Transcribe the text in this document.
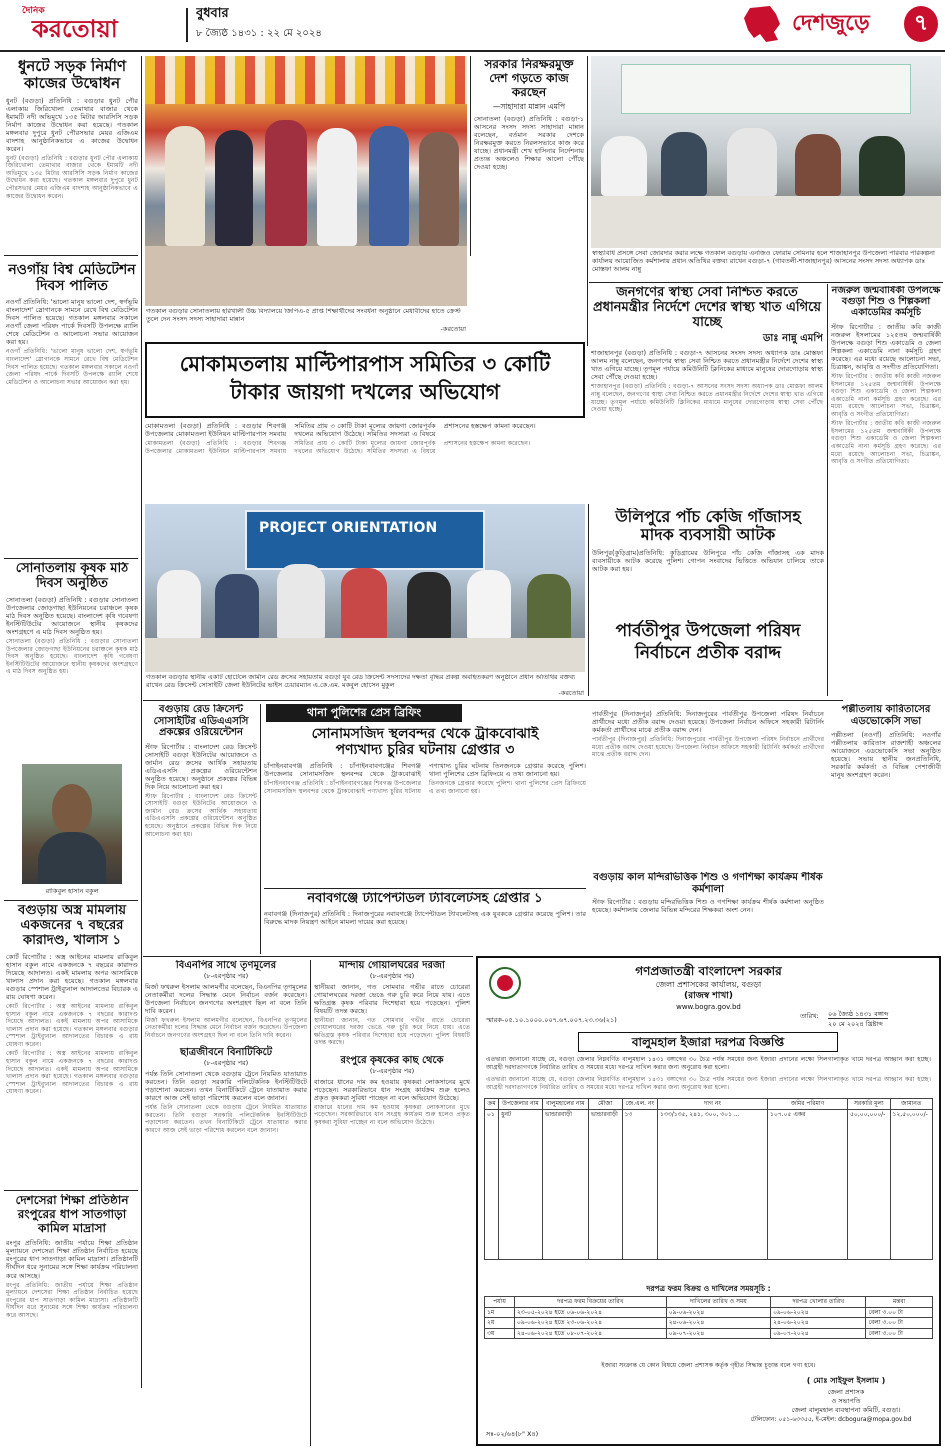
দৈনিক
করতোয়া
বুধবার
৮ জ্যৈষ্ঠ ১৪৩১ : ২২ মে ২০২৪	দেশজুড়ে	৭
ধুনটে সড়ক নির্মাণ কাজের উদ্বোধন
ধুনট (বগুড়া) প্রতিনিধি : বগুড়ার ধুনট পৌর এলাকায় জিরিখোলা তেমাথার বাজার থেকে ইমামটি নদী অভিমুখে ১৩৫ মিটার আরসিসি সড়ক নির্মাণ কাজের উদ্বোধন করা হয়েছে। গতকাল মঙ্গলবার দুপুরে ধুনট পৌরসভার মেয়র এজিএম বাদশাহ আনুষ্ঠানিকভাবে এ কাজের উদ্বোধন করেন।
ধুনট (বগুড়া) প্রতিনিধি : বগুড়ার ধুনট পৌর এলাকায় জিরিখোলা তেমাথার বাজার থেকে ইমামটি নদী অভিমুখে ১৩৫ মিটার আরসিসি সড়ক নির্মাণ কাজের উদ্বোধন করা হয়েছে। গতকাল মঙ্গলবার দুপুরে ধুনট পৌরসভার মেয়র এজিএম বাদশাহ আনুষ্ঠানিকভাবে এ কাজের উদ্বোধন করেন।
নওগাঁয় বিশ্ব মেডিটেশন দিবস পালিত
নওগাঁ প্রতিনিধি: 'ভালো মানুষ ভালো দেশ, স্বর্গভূমি বাংলাদেশ' স্লোগানকে সামনে রেখে বিশ্ব মেডিটেশন দিবস পালিত হয়েছে। গতকাল মঙ্গলবার সকালে নওগাঁ জেলা পরিষদ পার্কে দিবসটি উপলক্ষে র‌্যালি শেষে মেডিটেশন ও আলোচনা সভার আয়োজন করা হয়।
নওগাঁ প্রতিনিধি: 'ভালো মানুষ ভালো দেশ, স্বর্গভূমি বাংলাদেশ' স্লোগানকে সামনে রেখে বিশ্ব মেডিটেশন দিবস পালিত হয়েছে। গতকাল মঙ্গলবার সকালে নওগাঁ জেলা পরিষদ পার্কে দিবসটি উপলক্ষে র‌্যালি শেষে মেডিটেশন ও আলোচনা সভার আয়োজন করা হয়।
সোনাতলায় কৃষক মাঠ দিবস অনুষ্ঠিত
সোনাতলা (বগুড়া) প্রতিনিধি : বগুড়ার সোনাতলা উপজেলার জোড়গাছা ইউনিয়নের চরাঞ্চলে কৃষক মাঠ দিবস অনুষ্ঠিত হয়েছে। বাংলাদেশ কৃষি গবেষণা ইনস্টিটিউটের আয়োজনে স্থানীয় কৃষকদের অংশগ্রহণে এ মাঠ দিবস অনুষ্ঠিত হয়।
সোনাতলা (বগুড়া) প্রতিনিধি : বগুড়ার সোনাতলা উপজেলার জোড়গাছা ইউনিয়নের চরাঞ্চলে কৃষক মাঠ দিবস অনুষ্ঠিত হয়েছে। বাংলাদেশ কৃষি গবেষণা ইনস্টিটিউটের আয়োজনে স্থানীয় কৃষকদের অংশগ্রহণে এ মাঠ দিবস অনুষ্ঠিত হয়।
রাকিবুল হাসান বকুল
বগুড়ায় অস্ত্র মামলায় একজনের ৭ বছরের কারাদণ্ড, খালাস ১
কোর্ট রিপোর্টার : অস্ত্র আইনের মামলায় রাকিবুল হাসান বকুল নামে একজনকে ৭ বছরের কারাদণ্ড দিয়েছে আদালত। একই মামলায় অপর আসামিকে খালাস প্রদান করা হয়েছে। গতকাল মঙ্গলবার বগুড়ার স্পেশাল ট্রাইব্যুনাল আদালতের বিচারক এ রায় ঘোষণা করেন।
কোর্ট রিপোর্টার : অস্ত্র আইনের মামলায় রাকিবুল হাসান বকুল নামে একজনকে ৭ বছরের কারাদণ্ড দিয়েছে আদালত। একই মামলায় অপর আসামিকে খালাস প্রদান করা হয়েছে। গতকাল মঙ্গলবার বগুড়ার স্পেশাল ট্রাইব্যুনাল আদালতের বিচারক এ রায় ঘোষণা করেন।
কোর্ট রিপোর্টার : অস্ত্র আইনের মামলায় রাকিবুল হাসান বকুল নামে একজনকে ৭ বছরের কারাদণ্ড দিয়েছে আদালত। একই মামলায় অপর আসামিকে খালাস প্রদান করা হয়েছে। গতকাল মঙ্গলবার বগুড়ার স্পেশাল ট্রাইব্যুনাল আদালতের বিচারক এ রায় ঘোষণা করেন।
দেশসেরা শিক্ষা প্রতিষ্ঠান রংপুরের ধাপ সাতগাড়া কামিল মাদ্রাসা
রংপুর প্রতিনিধি: জাতীয় পর্যায়ে শিক্ষা প্রতিষ্ঠান মূল্যায়নে দেশসেরা শিক্ষা প্রতিষ্ঠান নির্বাচিত হয়েছে রংপুরের ধাপ সাতগাড়া কামিল মাদ্রাসা। প্রতিষ্ঠানটি দীর্ঘদিন ধরে সুনামের সঙ্গে শিক্ষা কার্যক্রম পরিচালনা করে আসছে।
রংপুর প্রতিনিধি: জাতীয় পর্যায়ে শিক্ষা প্রতিষ্ঠান মূল্যায়নে দেশসেরা শিক্ষা প্রতিষ্ঠান নির্বাচিত হয়েছে রংপুরের ধাপ সাতগাড়া কামিল মাদ্রাসা। প্রতিষ্ঠানটি দীর্ঘদিন ধরে সুনামের সঙ্গে শিক্ষা কার্যক্রম পরিচালনা করে আসছে।
গতকাল বগুড়ার সোনাতলায় হরিখালী উচ্চ বিদ্যালয়ে জিপিএ-৫ প্রাপ্ত শিক্ষার্থীদের সংবর্ধনা অনুষ্ঠানে মেধাবীদের হাতে ক্রেস্ট তুলে দেন সংসদ সদস্য সাহাদারা মান্নান
-করতোয়া
সরকার নিরক্ষরমুক্ত দেশ গড়তে কাজ করছেন
—সাহাদারা মান্নান এমপি
সোনাতলা (বগুড়া) প্রতিনিধি : বগুড়া-১ আসনের সংসদ সদস্য সাহাদারা মান্নান বলেছেন, বর্তমান সরকার দেশকে নিরক্ষরমুক্ত করতে নিরলসভাবে কাজ করে যাচ্ছে। প্রধানমন্ত্রী শেখ হাসিনার নির্দেশনায় প্রত্যন্ত অঞ্চলেও শিক্ষার আলো পৌঁছে দেওয়া হচ্ছে।
স্বাস্থ্যবিধি প্রসঙ্গে সেবা জোরদার করার লক্ষে গতকাল বগুড়ায় এনজিও ফোরাম সেমিনার হলে শাজাহানপুর উপজেলা পরিবার পরিকল্পনা কার্যালয় আয়োজিত কর্মশালায় প্রধান অতিথির বক্তব্য রাখেন বগুড়া-৭ (গাবতলী-শাজাহানপুর) আসনের সংসদ সদস্য অধ্যাপক ডাঃ মোস্তফা আলম নান্নু
জনগণের স্বাস্থ্য সেবা নিশ্চিত করতে প্রধানমন্ত্রীর নির্দেশে দেশের স্বাস্থ্য খাত এগিয়ে যাচ্ছে
ডাঃ নান্নু এমপি
শাজাহানপুর (বগুড়া) প্রতিনিধি : বগুড়া-৭ আসনের সংসদ সদস্য অধ্যাপক ডাঃ মোস্তফা আলম নান্নু বলেছেন, জনগণের স্বাস্থ্য সেবা নিশ্চিত করতে প্রধানমন্ত্রীর নির্দেশে দেশের স্বাস্থ্য খাত এগিয়ে যাচ্ছে। তৃণমূল পর্যায়ে কমিউনিটি ক্লিনিকের মাধ্যমে মানুষের দোরগোড়ায় স্বাস্থ্য সেবা পৌঁছে দেওয়া হচ্ছে।
শাজাহানপুর (বগুড়া) প্রতিনিধি : বগুড়া-৭ আসনের সংসদ সদস্য অধ্যাপক ডাঃ মোস্তফা আলম নান্নু বলেছেন, জনগণের স্বাস্থ্য সেবা নিশ্চিত করতে প্রধানমন্ত্রীর নির্দেশে দেশের স্বাস্থ্য খাত এগিয়ে যাচ্ছে। তৃণমূল পর্যায়ে কমিউনিটি ক্লিনিকের মাধ্যমে মানুষের দোরগোড়ায় স্বাস্থ্য সেবা পৌঁছে দেওয়া হচ্ছে।
নজরুল জন্মবার্ষিকী উপলক্ষে বগুড়া শিশু ও শিল্পকলা একাডেমির কর্মসূচি
স্টাফ রিপোর্টার : জাতীয় কবি কাজী নজরুল ইসলামের ১২৫তম জন্মবার্ষিকী উপলক্ষে বগুড়া শিশু একাডেমি ও জেলা শিল্পকলা একাডেমি নানা কর্মসূচি গ্রহণ করেছে। এর মধ্যে রয়েছে আলোচনা সভা, চিত্রাঙ্কন, আবৃত্তি ও সংগীত প্রতিযোগিতা।
স্টাফ রিপোর্টার : জাতীয় কবি কাজী নজরুল ইসলামের ১২৫তম জন্মবার্ষিকী উপলক্ষে বগুড়া শিশু একাডেমি ও জেলা শিল্পকলা একাডেমি নানা কর্মসূচি গ্রহণ করেছে। এর মধ্যে রয়েছে আলোচনা সভা, চিত্রাঙ্কন, আবৃত্তি ও সংগীত প্রতিযোগিতা।
স্টাফ রিপোর্টার : জাতীয় কবি কাজী নজরুল ইসলামের ১২৫তম জন্মবার্ষিকী উপলক্ষে বগুড়া শিশু একাডেমি ও জেলা শিল্পকলা একাডেমি নানা কর্মসূচি গ্রহণ করেছে। এর মধ্যে রয়েছে আলোচনা সভা, চিত্রাঙ্কন, আবৃত্তি ও সংগীত প্রতিযোগিতা।
মোকামতলায় মাল্টিপারপাস সমিতির ৩ কোটি টাকার জায়গা দখলের অভিযোগ
মোকামতলা (বগুড়া) প্রতিনিধি : বগুড়ার শিবগঞ্জ উপজেলার মোকামতলা ইউনিয়ন মাল্টিপারপাস সমবায় সমিতির প্রায় ৩ কোটি টাকা মূল্যের জায়গা জোরপূর্বক দখলের অভিযোগ উঠেছে। সমিতির সদস্যরা এ বিষয়ে প্রশাসনের হস্তক্ষেপ কামনা করেছেন।
মোকামতলা (বগুড়া) প্রতিনিধি : বগুড়ার শিবগঞ্জ উপজেলার মোকামতলা ইউনিয়ন মাল্টিপারপাস সমবায় সমিতির প্রায় ৩ কোটি টাকা মূল্যের জায়গা জোরপূর্বক দখলের অভিযোগ উঠেছে। সমিতির সদস্যরা এ বিষয়ে প্রশাসনের হস্তক্ষেপ কামনা করেছেন।
PROJECT ORIENTATION
গতকাল বগুড়ার স্থানীয় একটি হোটেলে জার্মান রেড ক্রসের সহায়তায় বগুড়া যুব রেড ক্রিসেন্ট সদস্যদের দক্ষতা বৃদ্ধির প্রকল্প অবহিতকরণ অনুষ্ঠানে প্রধান অতিথির বক্তব্য রাখেন রেড ক্রিসেন্ট সোসাইটি জেলা ইউনিটের ভাইস চেয়ারম্যান এ.কে.এম. মকবুল হোসেন মুকুল
-করতোয়া
উলিপুরে পাঁচ কেজি গাঁজাসহ
মাদক ব্যবসায়ী আটক
উলিপুর(কুড়িগ্রাম)প্রতিনিধি: কুড়িগ্রামের উলিপুরে পাঁচ কেজি গাঁজাসহ এক মাদক ব্যবসায়ীকে আটক করেছে পুলিশ। গোপন সংবাদের ভিত্তিতে অভিযান চালিয়ে তাকে আটক করা হয়।
পার্বতীপুর উপজেলা পরিষদ নির্বাচনে প্রতীক বরাদ্দ
বগুড়ায় রেড ক্রিসেন্ট সোসাইটির এডিএএসসি প্রকল্পের ওরিয়েন্টেশন
স্টাফ রিপোর্টার : বাংলাদেশ রেড ক্রিসেন্ট সোসাইটি বগুড়া ইউনিটের আয়োজনে ও জার্মান রেড ক্রসের আর্থিক সহায়তায় এডিএএসসি প্রকল্পের ওরিয়েন্টেশন অনুষ্ঠিত হয়েছে। অনুষ্ঠানে প্রকল্পের বিভিন্ন দিক নিয়ে আলোচনা করা হয়।
স্টাফ রিপোর্টার : বাংলাদেশ রেড ক্রিসেন্ট সোসাইটি বগুড়া ইউনিটের আয়োজনে ও জার্মান রেড ক্রসের আর্থিক সহায়তায় এডিএএসসি প্রকল্পের ওরিয়েন্টেশন অনুষ্ঠিত হয়েছে। অনুষ্ঠানে প্রকল্পের বিভিন্ন দিক নিয়ে আলোচনা করা হয়।
থানা পুলিশের প্রেস ব্রিফিং
সোনামসজিদ স্থলবন্দর থেকে ট্রাকবোঝাই
পণ্যখাদ্য চুরির ঘটনায় গ্রেপ্তার ৩
চাঁপাইনবাবগঞ্জ প্রতিনিধি : চাঁপাইনবাবগঞ্জের শিবগঞ্জ উপজেলার সোনামসজিদ স্থলবন্দর থেকে ট্রাকবোঝাই পণ্যখাদ্য চুরির ঘটনায় তিনজনকে গ্রেপ্তার করেছে পুলিশ। থানা পুলিশের প্রেস ব্রিফিংয়ে এ তথ্য জানানো হয়।
চাঁপাইনবাবগঞ্জ প্রতিনিধি : চাঁপাইনবাবগঞ্জের শিবগঞ্জ উপজেলার সোনামসজিদ স্থলবন্দর থেকে ট্রাকবোঝাই পণ্যখাদ্য চুরির ঘটনায় তিনজনকে গ্রেপ্তার করেছে পুলিশ। থানা পুলিশের প্রেস ব্রিফিংয়ে এ তথ্য জানানো হয়।
নবাবগঞ্জে ট্যাপেন্টাডল ট্যাবলেটসহ গ্রেপ্তার ১
নবাবগঞ্জ (দিনাজপুর) প্রতিনিধি : দিনাজপুরের নবাবগঞ্জে ট্যাপেন্টাডল ট্যাবলেটসহ এক যুবককে গ্রেপ্তার করেছে পুলিশ। তার বিরুদ্ধে মাদক নিয়ন্ত্রণ আইনে মামলা দায়ের করা হয়েছে।
পার্বতীপুর (দিনাজপুর) প্রতিনিধি: দিনাজপুরের পার্বতীপুর উপজেলা পরিষদ নির্বাচনে প্রার্থীদের মধ্যে প্রতীক বরাদ্দ দেওয়া হয়েছে। উপজেলা নির্বাচন অফিসে সহকারী রিটার্নিং কর্মকর্তা প্রার্থীদের মাঝে প্রতীক বরাদ্দ দেন।
পার্বতীপুর (দিনাজপুর) প্রতিনিধি: দিনাজপুরের পার্বতীপুর উপজেলা পরিষদ নির্বাচনে প্রার্থীদের মধ্যে প্রতীক বরাদ্দ দেওয়া হয়েছে। উপজেলা নির্বাচন অফিসে সহকারী রিটার্নিং কর্মকর্তা প্রার্থীদের মাঝে প্রতীক বরাদ্দ দেন।
পল্লীতলায় কারিতাসের এডভোকেসি সভা
পল্লীতলা (নওগাঁ) প্রতিনিধি: নওগাঁর পল্লীতলায় কারিতাস রাজশাহী অঞ্চলের আয়োজনে এডভোকেসি সভা অনুষ্ঠিত হয়েছে। সভায় স্থানীয় জনপ্রতিনিধি, সরকারি কর্মকর্তা ও বিভিন্ন পেশাজীবী মানুষ অংশগ্রহণ করেন।
বগুড়ায় কাল মন্দিরভিত্তিক শিশু ও গণশিক্ষা কার্যক্রম শীর্ষক কর্মশালা
স্টাফ রিপোর্টার : বগুড়ায় মন্দিরভিত্তিক শিশু ও গণশিক্ষা কার্যক্রম শীর্ষক কর্মশালা অনুষ্ঠিত হয়েছে। কর্মশালায় জেলার বিভিন্ন মন্দিরের শিক্ষকরা অংশ নেন।
বিএনপির সাথে তৃণমূলের
(৮-এরপৃষ্ঠার পর)
মির্জা ফখরুল ইসলাম আলমগীর বলেছেন, বিএনপির তৃণমূলের নেতাকর্মীরা দলের সিদ্ধান্ত মেনে নির্বাচন বর্জন করেছেন। উপজেলা নির্বাচনে জনগণের অংশগ্রহণ ছিল না বলে তিনি দাবি করেন।
মির্জা ফখরুল ইসলাম আলমগীর বলেছেন, বিএনপির তৃণমূলের নেতাকর্মীরা দলের সিদ্ধান্ত মেনে নির্বাচন বর্জন করেছেন। উপজেলা নির্বাচনে জনগণের অংশগ্রহণ ছিল না বলে তিনি দাবি করেন।
ছাত্রজীবনে বিনাটিকিটে
(৮-এরপৃষ্ঠার পর)
পর্যন্ত তিনি সোনাতলা থেকে বগুড়ায় ট্রেনে নিয়মিত যাতায়াত করতেন। তিনি বগুড়া সরকারি পলিটেকনিক ইনস্টিটিউটে পড়াশোনা করতেন। তখন বিনাটিকিটে ট্রেনে যাতায়াত করার কারণে আজ সেই ভাড়া পরিশোধ করলেন বলে জানান।
পর্যন্ত তিনি সোনাতলা থেকে বগুড়ায় ট্রেনে নিয়মিত যাতায়াত করতেন। তিনি বগুড়া সরকারি পলিটেকনিক ইনস্টিটিউটে পড়াশোনা করতেন। তখন বিনাটিকিটে ট্রেনে যাতায়াত করার কারণে আজ সেই ভাড়া পরিশোধ করলেন বলে জানান।
মান্দায় গোয়ালঘরের দরজা
(৮-এরপৃষ্ঠার পর)
স্থানীয়রা জানান, গত সোমবার গভীর রাতে চোরেরা গোয়ালঘরের দরজা ভেঙে গরু চুরি করে নিয়ে যায়। এতে ক্ষতিগ্রস্ত কৃষক পরিবার দিশেহারা হয়ে পড়েছেন। পুলিশ বিষয়টি তদন্ত করছে।
স্থানীয়রা জানান, গত সোমবার গভীর রাতে চোরেরা গোয়ালঘরের দরজা ভেঙে গরু চুরি করে নিয়ে যায়। এতে ক্ষতিগ্রস্ত কৃষক পরিবার দিশেহারা হয়ে পড়েছেন। পুলিশ বিষয়টি তদন্ত করছে।
রংপুরে কৃষকের কাছ থেকে
(৮-এরপৃষ্ঠার পর)
বাজারে ধানের দাম কম হওয়ায় কৃষকরা লোকসানের মুখে পড়েছেন। সরকারিভাবে ধান সংগ্রহ কার্যক্রম শুরু হলেও প্রকৃত কৃষকরা সুবিধা পাচ্ছেন না বলে অভিযোগ উঠেছে।
বাজারে ধানের দাম কম হওয়ায় কৃষকরা লোকসানের মুখে পড়েছেন। সরকারিভাবে ধান সংগ্রহ কার্যক্রম শুরু হলেও প্রকৃত কৃষকরা সুবিধা পাচ্ছেন না বলে অভিযোগ উঠেছে।
গণপ্রজাতন্ত্রী বাংলাদেশ সরকার
জেলা প্রশাসকের কার্যালয়, বগুড়া
(রাজস্ব শাখা)
www.bogra.gov.bd
স্মারক-০৫.১০.১০০০.০০৭.৬৭.০০৭.২৩.৩৬(২১)	তারিখ: ০৬ জ্যৈষ্ঠ ১৪৩১ বঙ্গাব্দ
২০ মে ২০২৪ খ্রিষ্টাব্দ
বালুমহাল ইজারা দরপত্র বিজ্ঞপ্তি
এতদ্বারা জানানো যাচ্ছে যে, বগুড়া জেলার নিম্নবর্ণিত বালুমহাল ১৪৩১ বঙ্গাব্দের ৩০ চৈত্র পর্যন্ত সময়ের জন্য ইজারা প্রদানের লক্ষ্যে সিলগালাকৃত খামে দরপত্র আহ্বান করা হচ্ছে। আগ্রহী দরদাতাগণকে নির্ধারিত তারিখ ও সময়ের মধ্যে দরপত্র দাখিল করার জন্য অনুরোধ করা হলো।
এতদ্বারা জানানো যাচ্ছে যে, বগুড়া জেলার নিম্নবর্ণিত বালুমহাল ১৪৩১ বঙ্গাব্দের ৩০ চৈত্র পর্যন্ত সময়ের জন্য ইজারা প্রদানের লক্ষ্যে সিলগালাকৃত খামে দরপত্র আহ্বান করা হচ্ছে। আগ্রহী দরদাতাগণকে নির্ধারিত তারিখ ও সময়ের মধ্যে দরপত্র দাখিল করার জন্য অনুরোধ করা হলো।
ক্রম	উপজেলার নাম	বালুমহালের নাম	মৌজা	জে.এল. নং	দাগ নং	জমির পরিমাণ	সরকারি মূল্য	জামানত
০১	ধুনট	ভান্ডারবাড়ী	ভান্ডারবাড়ী	১৩	১৩৩/১৩৫, ২৪১, ৩০০, ৩০১ ...	১০৭.০৫ একর	৫০,০০,০০০/-	১২,৫০,০০০/-
দরপত্র ফরম বিক্রয় ও দাখিলের সময়সূচি :
পর্যায়	দরপত্র ফরম বিক্রয়ের তারিখ	দাখিলের তারিখ ও সময়	দরপত্র খোলার তারিখ	মন্তব্য
১ম	২৩-০৫-২০২৪ হতে ০৬-০৬-২০২৪	০৯-০৬-২০২৪	০৯-০৬-২০২৪	বেলা ৩.০০ টা
২য়	০৯-০৬-২০২৪ হতে ২৩-০৬-২০২৪	২৪-০৬-২০২৪	২৪-০৬-২০২৪	বেলা ৩.০০ টা
৩য়	২৪-০৬-২০২৪ হতে ০৮-০৭-২০২৪	০৯-০৭-২০২৪	০৯-০৭-২০২৪	বেলা ৩.০০ টা
ইজারা সংক্রান্ত যে কোন বিষয়ে জেলা প্রশাসক কর্তৃক গৃহীত সিদ্ধান্ত চূড়ান্ত বলে গণ্য হবে।
( মোঃ সাইফুল ইসলাম )
জেলা প্রশাসক
ও সভাপতি
জেলা বালুমহাল ব্যবস্থাপনা কমিটি, বগুড়া।
টেলিফোন: ০৫১-৬৩৩৫৫, ই-মেইল: dcbogura@mopa.gov.bd
সঃ-০২/৬৪(৮" X৪)
